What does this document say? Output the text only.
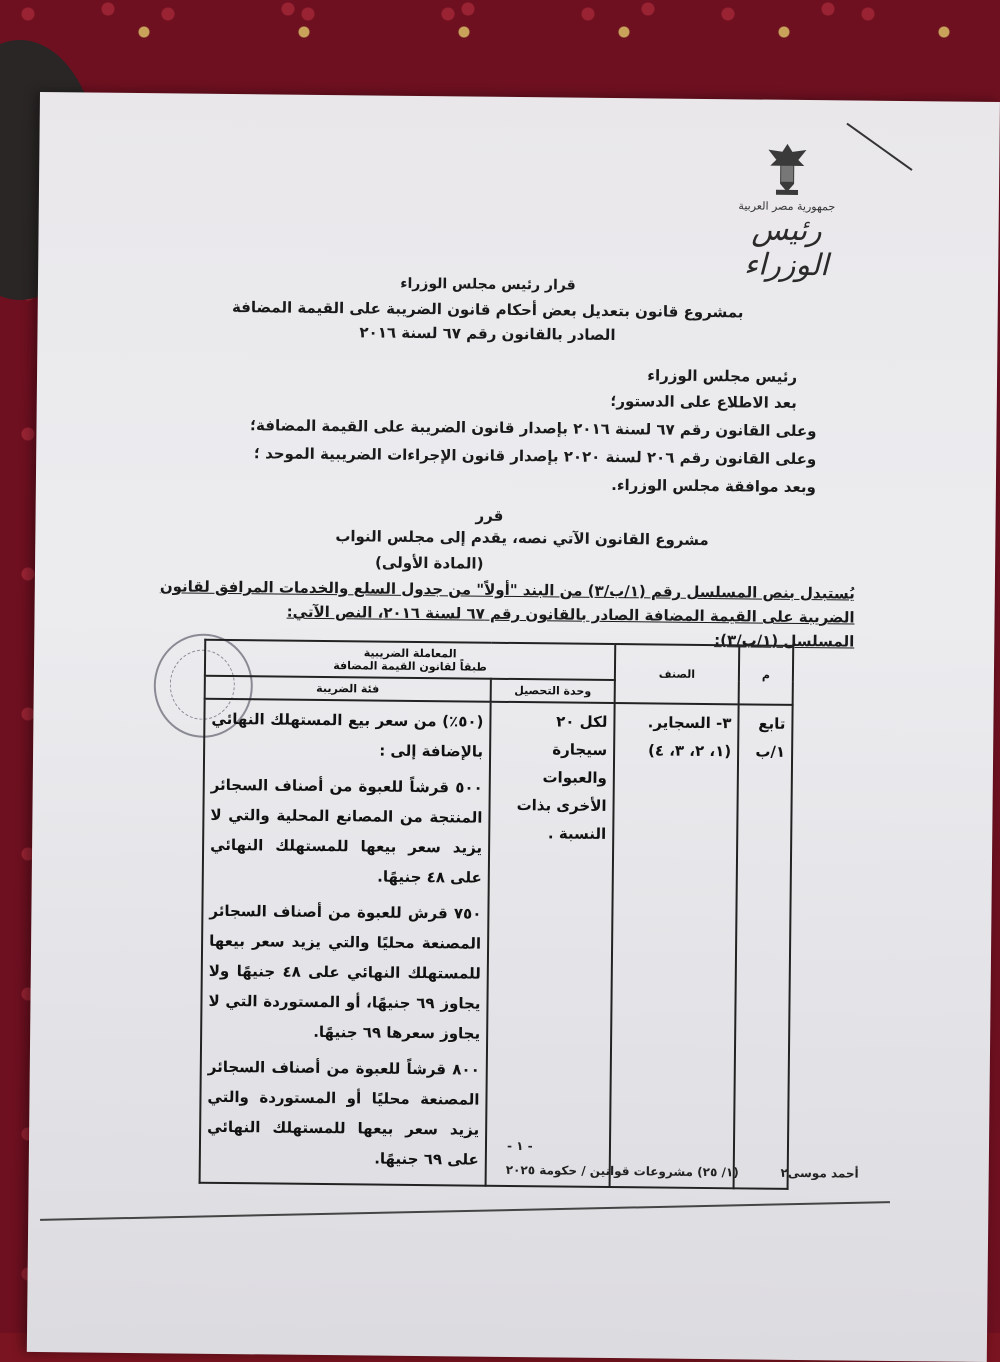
جمهورية مصر العربية
رئيس الوزراء
قرار رئيس مجلس الوزراء
بمشروع قانون بتعديل بعض أحكام قانون الضريبة على القيمة المضافة
الصادر بالقانون رقم ٦٧ لسنة ٢٠١٦
رئيس مجلس الوزراء
بعد الاطلاع على الدستور؛
وعلى القانون رقم ٦٧ لسنة ٢٠١٦ بإصدار قانون الضريبة على القيمة المضافة؛
وعلى القانون رقم ٢٠٦ لسنة ٢٠٢٠ بإصدار قانون الإجراءات الضريبية الموحد ؛
وبعد موافقة مجلس الوزراء.
قرر
مشروع القانون الآتي نصه، يقدم إلى مجلس النواب
(المادة الأولى)
يُستبدل بنص المسلسل رقم (١/ب/٣) من البند "أولاً" من جدول السلع والخدمات المرافق لقانون
الضريبة على القيمة المضافة الصادر بالقانون رقم ٦٧ لسنة ٢٠١٦، النص الآتي:
المسلسل (١/ب/٣):
م	الصنف	المعاملة الضريبية
طبقاً لقانون القيمة المضافة	

		وحدة التحصيل	فئة الضريبة
تابع ١/ب	٣- السجاير. (١، ٢، ٣، ٤)	لكل ٢٠ سيجارة والعبوات الأخرى بذات النسبة .	(٥٠٪) من سعر بيع المستهلك النهائي بالإضافة إلى :

٥٠٠ قرشاً للعبوة من أصناف السجائر المنتجة من المصانع المحلية والتي لا يزيد سعر بيعها للمستهلك النهائي على ٤٨ جنيهًا.

٧٥٠ قرش للعبوة من أصناف السجائر المصنعة محليًا والتي يزيد سعر بيعها للمستهلك النهائي على ٤٨ جنيهًا ولا يجاوز ٦٩ جنيهًا، أو المستوردة التي لا يجاوز سعرها ٦٩ جنيهًا.

٨٠٠ قرشاً للعبوة من أصناف السجائر المصنعة محليًا أو المستوردة والتي يزيد سعر بيعها للمستهلك النهائي على ٦٩ جنيهًا.

- ١ -
أحمد موسى٢
(١/ ٢٥) مشروعات قوانين / حكومة ٢٠٢٥
